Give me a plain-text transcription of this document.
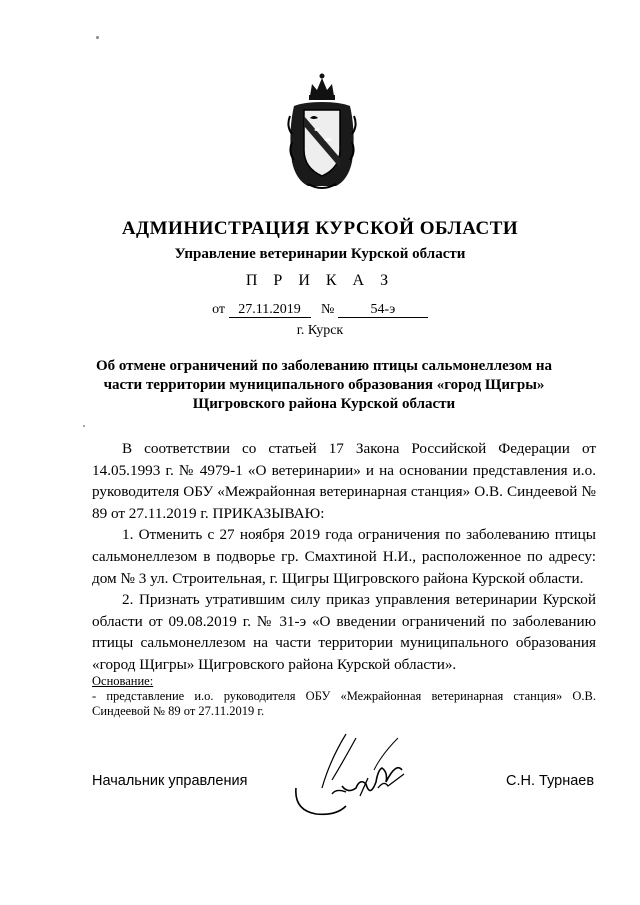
АДМИНИСТРАЦИЯ КУРСКОЙ ОБЛАСТИ
Управление ветеринарии Курской области
П Р И К А З
от 27.11.2019 №	54-э
г. Курск
Об отмене ограничений по заболеванию птицы сальмонеллезом на части территории муниципального образования «город Щигры» Щигровского района Курской области

В соответствии со статьей 17 Закона Российской Федерации от 14.05.1993 г. № 4979-1 «О ветеринарии» и на основании представления и.о. руководителя ОБУ «Межрайонная ветеринарная станция» О.В. Синдеевой № 89 от 27.11.2019 г. ПРИКАЗЫВАЮ:

1. Отменить с 27 ноября 2019 года ограничения по заболеванию птицы сальмонеллезом в подворье гр. Смахтиной Н.И., расположенное по адресу: дом № 3 ул. Строительная, г. Щигры Щигровского района Курской области.

2. Признать утратившим силу приказ управления ветеринарии Курской области от 09.08.2019 г. № 31-э «О введении ограничений по заболеванию птицы сальмонеллезом на части территории муниципального образования «город Щигры» Щигровского района Курской области».

Основание:
- представление и.о. руководителя ОБУ «Межрайонная ветеринарная станция» О.В. Синдеевой № 89 от 27.11.2019 г.
Начальник управления	С.Н. Турнаев
